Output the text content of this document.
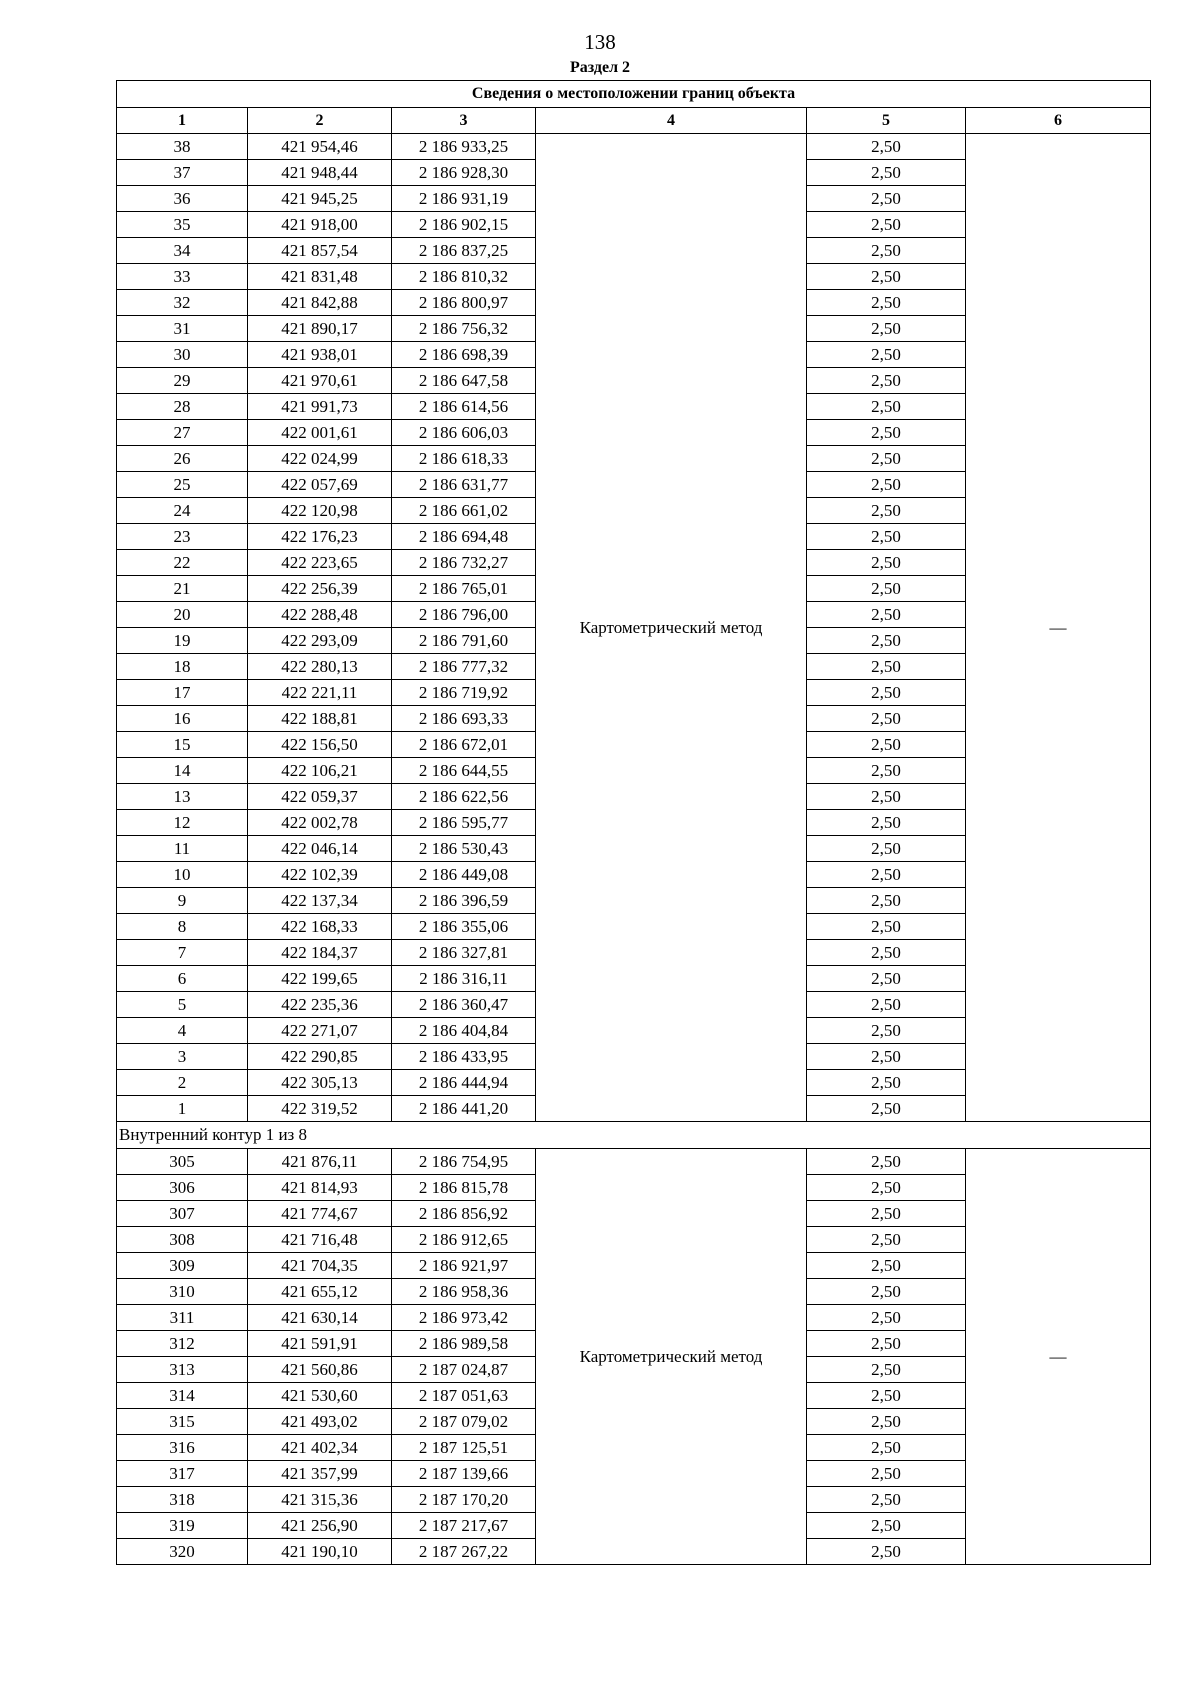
138
Раздел 2
Сведения о местоположении границ объекта					
1	2	3	4	5	6
38	421 954,46	2 186 933,25	Картометрический метод	2,50	—
37	421 948,44	2 186 928,30		2,50	
36	421 945,25	2 186 931,19		2,50	
35	421 918,00	2 186 902,15		2,50	
34	421 857,54	2 186 837,25		2,50	
33	421 831,48	2 186 810,32		2,50	
32	421 842,88	2 186 800,97		2,50	
31	421 890,17	2 186 756,32		2,50	
30	421 938,01	2 186 698,39		2,50	
29	421 970,61	2 186 647,58		2,50	
28	421 991,73	2 186 614,56		2,50	
27	422 001,61	2 186 606,03		2,50	
26	422 024,99	2 186 618,33		2,50	
25	422 057,69	2 186 631,77		2,50	
24	422 120,98	2 186 661,02		2,50	
23	422 176,23	2 186 694,48		2,50	
22	422 223,65	2 186 732,27		2,50	
21	422 256,39	2 186 765,01		2,50	
20	422 288,48	2 186 796,00		2,50	
19	422 293,09	2 186 791,60		2,50	
18	422 280,13	2 186 777,32		2,50	
17	422 221,11	2 186 719,92		2,50	
16	422 188,81	2 186 693,33		2,50	
15	422 156,50	2 186 672,01		2,50	
14	422 106,21	2 186 644,55		2,50	
13	422 059,37	2 186 622,56		2,50	
12	422 002,78	2 186 595,77		2,50	
11	422 046,14	2 186 530,43		2,50	
10	422 102,39	2 186 449,08		2,50	
9	422 137,34	2 186 396,59		2,50	
8	422 168,33	2 186 355,06		2,50	
7	422 184,37	2 186 327,81		2,50	
6	422 199,65	2 186 316,11		2,50	
5	422 235,36	2 186 360,47		2,50	
4	422 271,07	2 186 404,84		2,50	
3	422 290,85	2 186 433,95		2,50	
2	422 305,13	2 186 444,94		2,50	
1	422 319,52	2 186 441,20		2,50	
Внутренний контур 1 из 8					
305	421 876,11	2 186 754,95	Картометрический метод	2,50	—
306	421 814,93	2 186 815,78		2,50	
307	421 774,67	2 186 856,92		2,50	
308	421 716,48	2 186 912,65		2,50	
309	421 704,35	2 186 921,97		2,50	
310	421 655,12	2 186 958,36		2,50	
311	421 630,14	2 186 973,42		2,50	
312	421 591,91	2 186 989,58		2,50	
313	421 560,86	2 187 024,87		2,50	
314	421 530,60	2 187 051,63		2,50	
315	421 493,02	2 187 079,02		2,50	
316	421 402,34	2 187 125,51		2,50	
317	421 357,99	2 187 139,66		2,50	
318	421 315,36	2 187 170,20		2,50	
319	421 256,90	2 187 217,67		2,50	
320	421 190,10	2 187 267,22		2,50	
